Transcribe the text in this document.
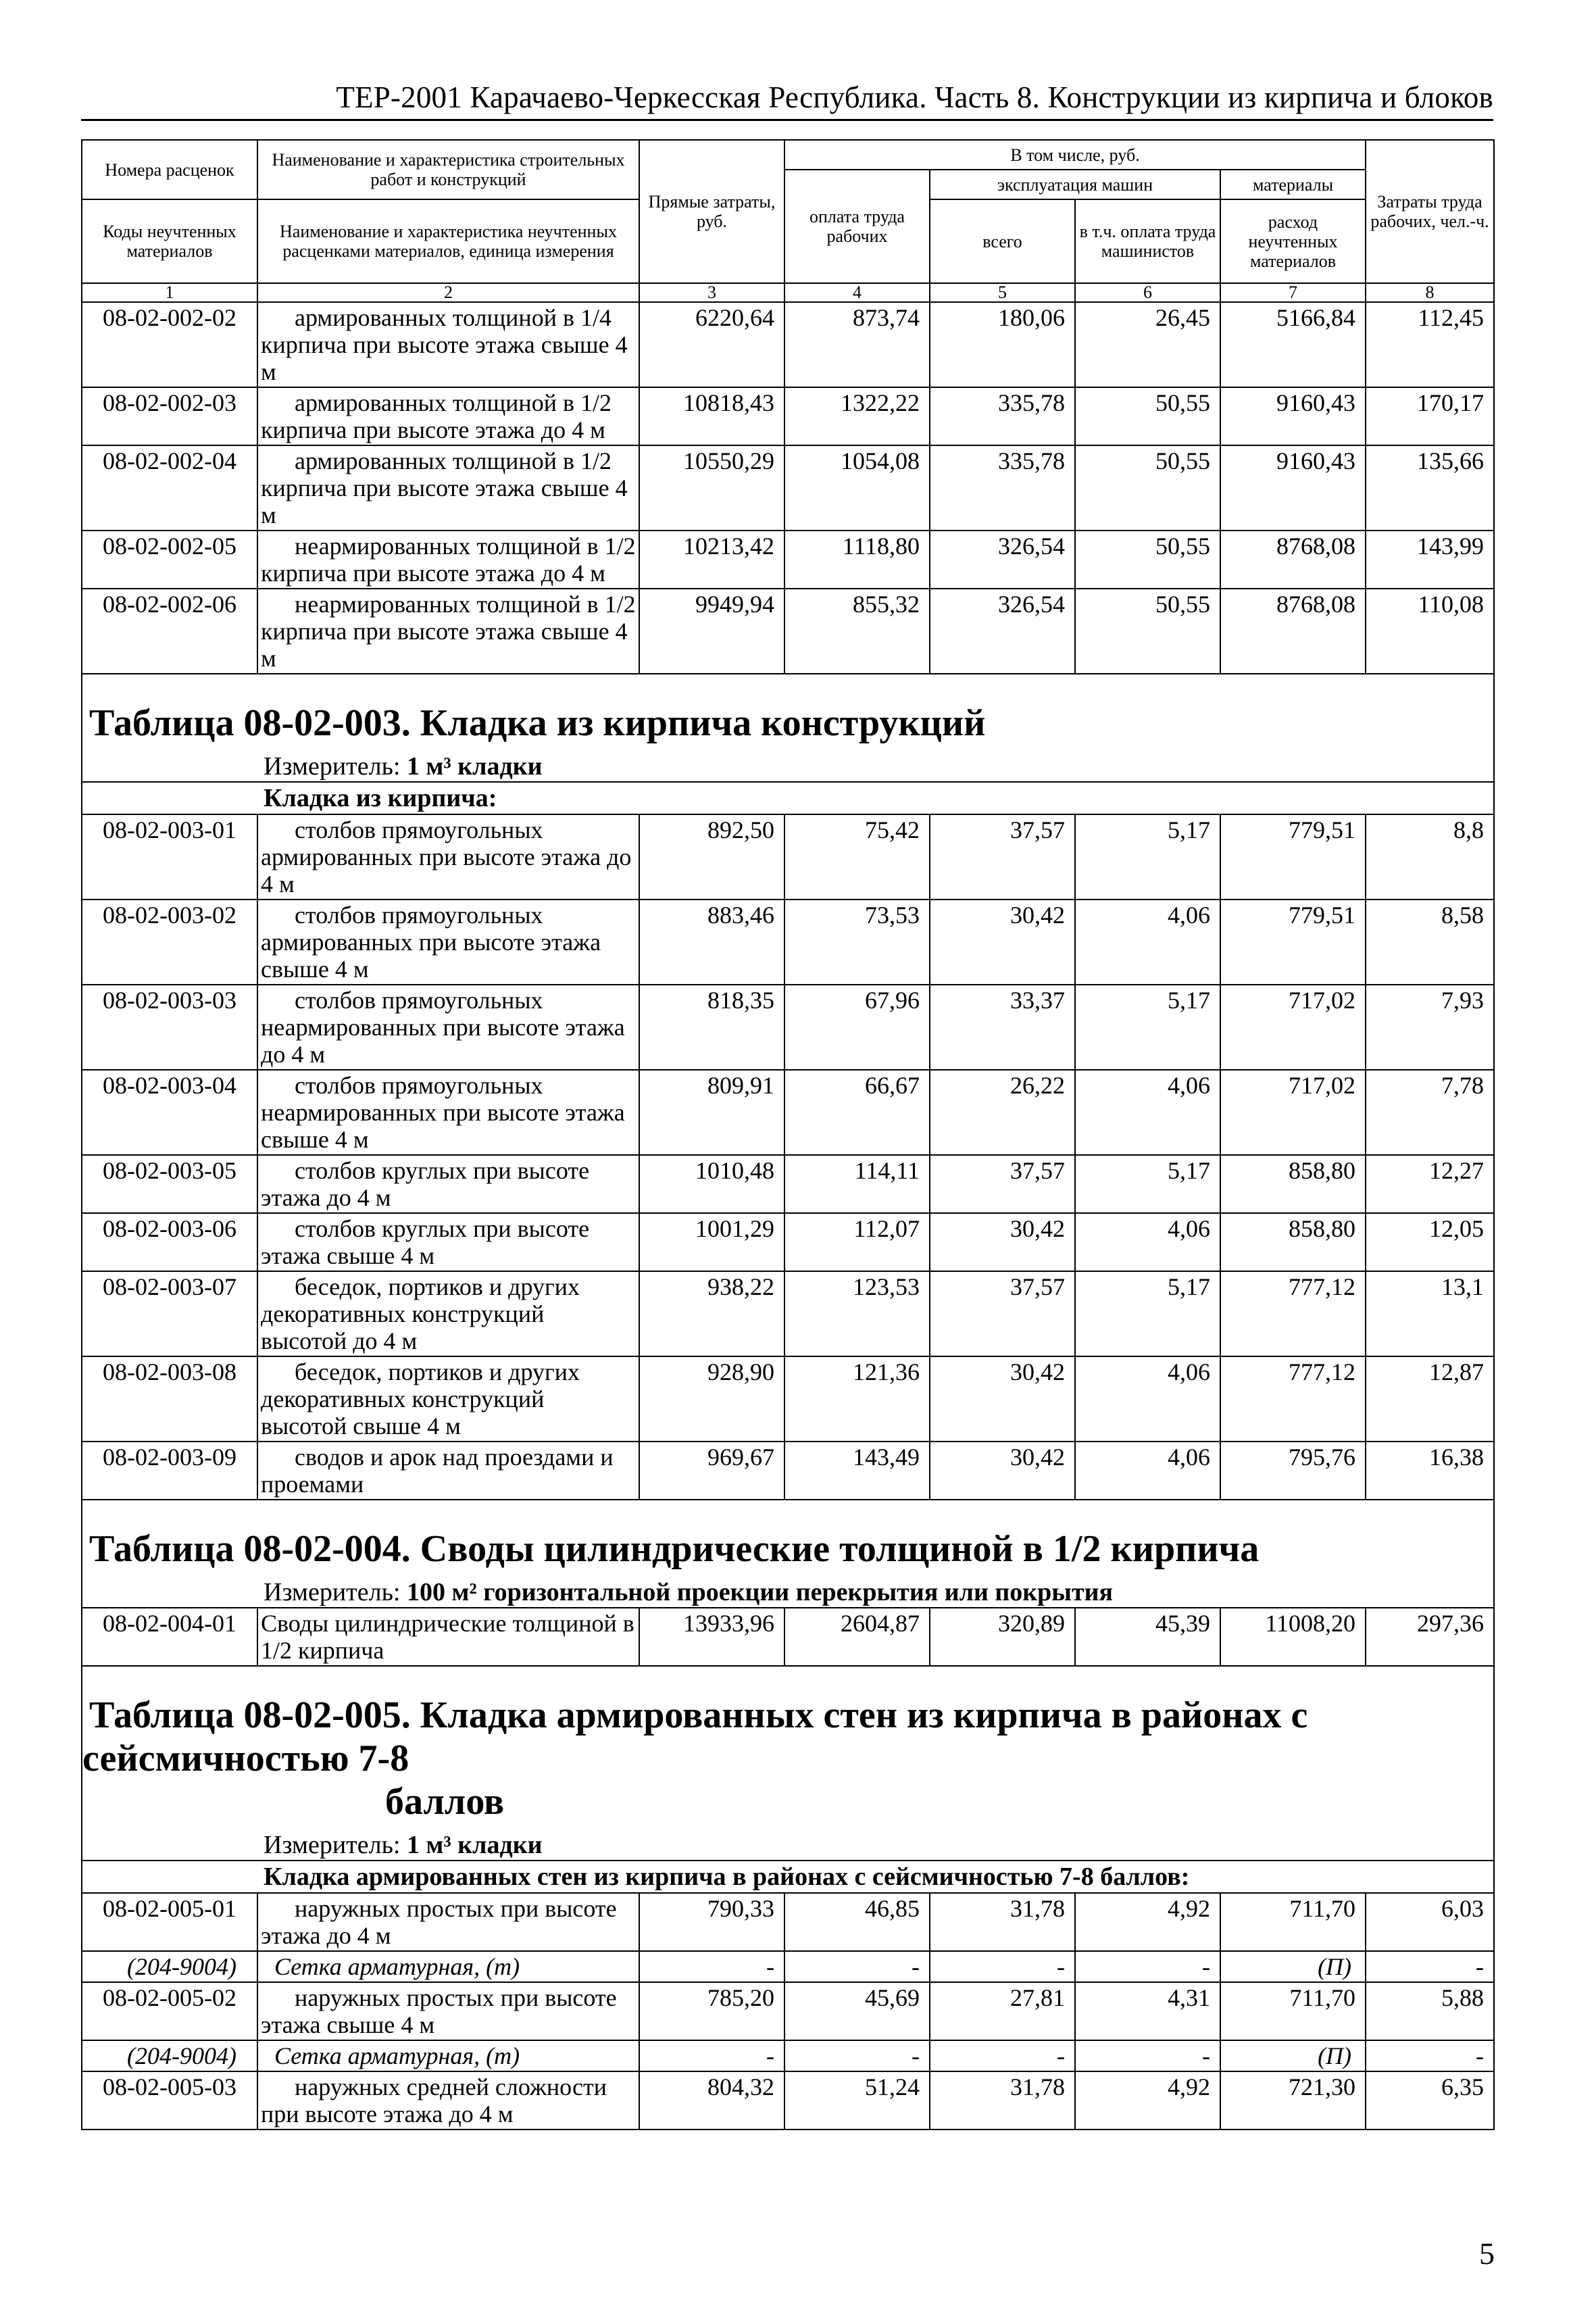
ТЕР-2001 Карачаево-Черкесская Республика. Часть 8. Конструкции из кирпича и блоков
Номера расценок	Наименование и характеристика строительных работ и конструкций	Прямые затраты, руб.	В том числе, руб.				Затраты труда рабочих, чел.-ч.
			оплата труда рабочих	эксплуатация машин		материалы	
Коды неучтенных материалов	Наименование и характеристика неучтенных расценками материалов, единица измерения			всего	в т.ч. оплата труда машинистов	расход неучтенных материалов	

1	2	3	4	5	6	7	8
08-02-002-02	армированных толщиной в 1/4 кирпича при высоте этажа свыше 4 м	6220,64	873,74	180,06	26,45	5166,84	112,45
08-02-002-03	армированных толщиной в 1/2 кирпича при высоте этажа до 4 м	10818,43	1322,22	335,78	50,55	9160,43	170,17
08-02-002-04	армированных толщиной в 1/2 кирпича при высоте этажа свыше 4 м	10550,29	1054,08	335,78	50,55	9160,43	135,66
08-02-002-05	неармированных толщиной в 1/2 кирпича при высоте этажа до 4 м	10213,42	1118,80	326,54	50,55	8768,08	143,99
08-02-002-06	неармированных толщиной в 1/2 кирпича при высоте этажа свыше 4 м	9949,94	855,32	326,54	50,55	8768,08	110,08
Таблица 08-02-003. Кладка из кирпича конструкций							
Измеритель: 1 м³ кладки							
Кладка из кирпича:							
08-02-003-01	столбов прямоугольных армированных при высоте этажа до 4 м	892,50	75,42	37,57	5,17	779,51	8,8
08-02-003-02	столбов прямоугольных армированных при высоте этажа свыше 4 м	883,46	73,53	30,42	4,06	779,51	8,58
08-02-003-03	столбов прямоугольных неармированных при высоте этажа до 4 м	818,35	67,96	33,37	5,17	717,02	7,93
08-02-003-04	столбов прямоугольных неармированных при высоте этажа свыше 4 м	809,91	66,67	26,22	4,06	717,02	7,78
08-02-003-05	столбов круглых при высоте этажа до 4 м	1010,48	114,11	37,57	5,17	858,80	12,27
08-02-003-06	столбов круглых при высоте этажа свыше 4 м	1001,29	112,07	30,42	4,06	858,80	12,05
08-02-003-07	беседок, портиков и других декоративных конструкций высотой до 4 м	938,22	123,53	37,57	5,17	777,12	13,1
08-02-003-08	беседок, портиков и других декоративных конструкций высотой свыше 4 м	928,90	121,36	30,42	4,06	777,12	12,87
08-02-003-09	сводов и арок над проездами и проемами	969,67	143,49	30,42	4,06	795,76	16,38
Таблица 08-02-004. Своды цилиндрические толщиной в 1/2 кирпича							
Измеритель: 100 м² горизонтальной проекции перекрытия или покрытия							
08-02-004-01	Своды цилиндрические толщиной в 1/2 кирпича	13933,96	2604,87	320,89	45,39	11008,20	297,36
Таблица 08-02-005. Кладка армированных стен из кирпича в районах с сейсмичностью 7-8
баллов							

Измеритель: 1 м³ кладки							
Кладка армированных стен из кирпича в районах с сейсмичностью 7-8 баллов:							
08-02-005-01	наружных простых при высоте этажа до 4 м	790,33	46,85	31,78	4,92	711,70	6,03
(204-9004)	Сетка арматурная, (т)	-	-	-	-	(П)	-
08-02-005-02	наружных простых при высоте этажа свыше 4 м	785,20	45,69	27,81	4,31	711,70	5,88
(204-9004)	Сетка арматурная, (т)	-	-	-	-	(П)	-
08-02-005-03	наружных средней сложности при высоте этажа до 4 м	804,32	51,24	31,78	4,92	721,30	6,35
5
